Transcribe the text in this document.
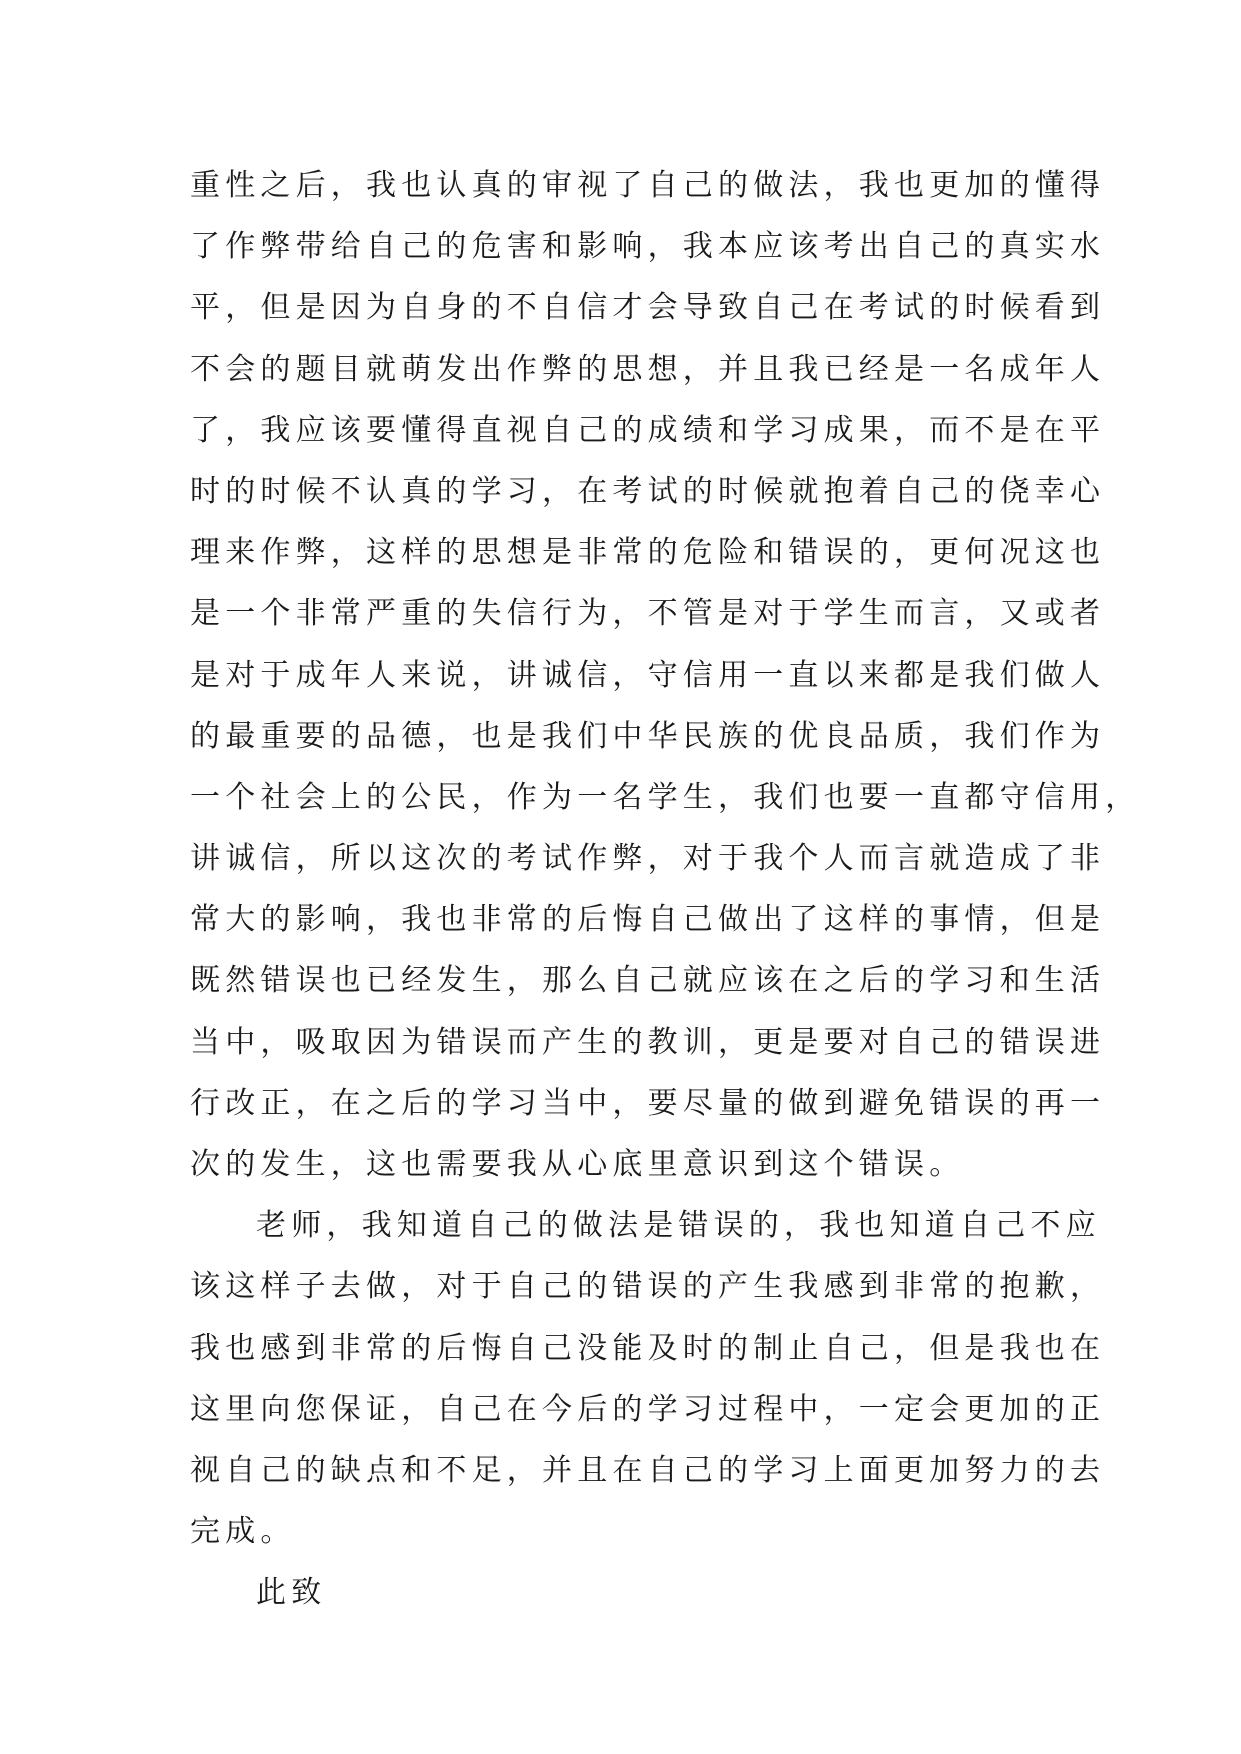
重性之后，我也认真的审视了自己的做法，我也更加的懂得
了作弊带给自己的危害和影响，我本应该考出自己的真实水
平，但是因为自身的不自信才会导致自己在考试的时候看到
不会的题目就萌发出作弊的思想，并且我已经是一名成年人
了，我应该要懂得直视自己的成绩和学习成果，而不是在平
时的时候不认真的学习，在考试的时候就抱着自己的侥幸心
理来作弊，这样的思想是非常的危险和错误的，更何况这也
是一个非常严重的失信行为，不管是对于学生而言，又或者
是对于成年人来说，讲诚信，守信用一直以来都是我们做人
的最重要的品德，也是我们中华民族的优良品质，我们作为
一个社会上的公民，作为一名学生，我们也要一直都守信用，
讲诚信，所以这次的考试作弊，对于我个人而言就造成了非
常大的影响，我也非常的后悔自己做出了这样的事情，但是
既然错误也已经发生，那么自己就应该在之后的学习和生活
当中，吸取因为错误而产生的教训，更是要对自己的错误进
行改正，在之后的学习当中，要尽量的做到避免错误的再一
次的发生，这也需要我从心底里意识到这个错误。
老师，我知道自己的做法是错误的，我也知道自己不应
该这样子去做，对于自己的错误的产生我感到非常的抱歉，
我也感到非常的后悔自己没能及时的制止自己，但是我也在
这里向您保证，自己在今后的学习过程中，一定会更加的正
视自己的缺点和不足，并且在自己的学习上面更加努力的去
完成。
此致
